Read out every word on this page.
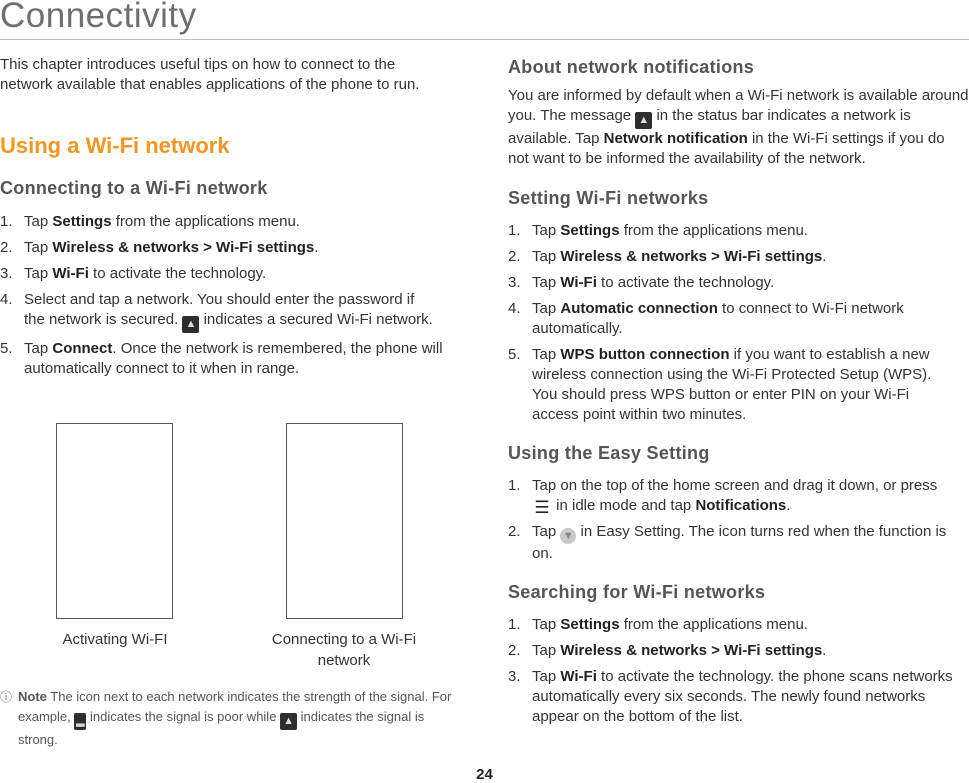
Connectivity

This chapter introduces useful tips on how to connect to the network available that enables applications of the phone to run.

Using a Wi-Fi network
Connecting to a Wi-Fi network
1. Tap Settings from the applications menu.
2. Tap Wireless & networks > Wi-Fi settings.
3. Tap Wi-Fi to activate the technology.
4. Select and tap a network. You should enter the password if the network is secured. ▲ indicates a secured Wi-Fi network.
5. Tap Connect. Once the network is remembered, the phone will automatically connect to it when in range.
Activating Wi-FI	Connecting to a Wi-Fi network
ⓘ Note The icon next to each network indicates the strength of the signal. For example, ▂ indicates the signal is poor while ▲ indicates the signal is strong.
About network notifications

You are informed by default when a Wi-Fi network is available around you. The message ▲ in the status bar indicates a network is available. Tap Network notification in the Wi-Fi settings if you do not want to be informed the availability of the network.

Setting Wi-Fi networks
1. Tap Settings from the applications menu.
2. Tap Wireless & networks > Wi-Fi settings.
3. Tap Wi-Fi to activate the technology.
4. Tap Automatic connection to connect to Wi-Fi network automatically.
5. Tap WPS button connection if you want to establish a new wireless connection using the Wi-Fi Protected Setup (WPS). You should press WPS button or enter PIN on your Wi-Fi access point within two minutes.
Using the Easy Setting
1. Tap on the top of the home screen and drag it down, or press ☰ in idle mode and tap Notifications.
2. Tap ▼ in Easy Setting. The icon turns red when the function is on.
Searching for Wi-Fi networks
1. Tap Settings from the applications menu.
2. Tap Wireless & networks > Wi-Fi settings.
3. Tap Wi-Fi to activate the technology. the phone scans networks automatically every six seconds. The newly found networks appear on the bottom of the list.
24
